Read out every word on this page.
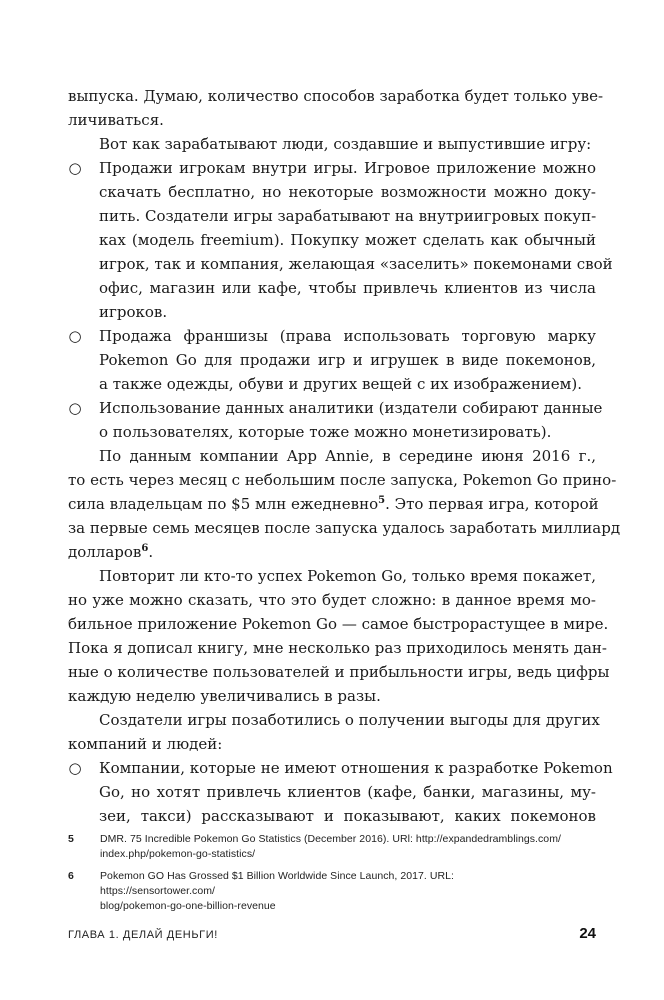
выпуска. Думаю, количество способов заработка будет только уве-
личиваться.
Вот как зарабатывают люди, создавшие и выпустившие игру:
○	Продажи игрокам внутри игры. Игровое приложение можно
скачать бесплатно, но некоторые возможности можно доку-
пить. Создатели игры зарабатывают на внутриигровых покуп-
ках (модель freemium). Покупку может сделать как обычный
игрок, так и компания, желающая «заселить» покемонами свой
офис, магазин или кафе, чтобы привлечь клиентов из числа
игроков.
○	Продажа франшизы (права использовать торговую марку
Pokemon Go для продажи игр и игрушек в виде покемонов,
а также одежды, обуви и других вещей с их изображением).
○	Использование данных аналитики (издатели собирают данные
о пользователях, которые тоже можно монетизировать).
По данным компании App Annie, в середине июня 2016 г.,
то есть через месяц с небольшим после запуска, Pokemon Go прино-
сила владельцам по $5 млн ежедневно$^5$. Это первая игра, которой
за первые семь месяцев после запуска удалось заработать миллиард
долларов$^6$.
Повторит ли кто-то успех Pokemon Go, только время покажет,
но уже можно сказать, что это будет сложно: в данное время мо-
бильное приложение Pokemon Go — самое быстрорастущее в мире.
Пока я дописал книгу, мне несколько раз приходилось менять дан-
ные о количестве пользователей и прибыльности игры, ведь цифры
каждую неделю увеличивались в разы.
Создатели игры позаботились о получении выгоды для других
компаний и людей:
○	Компании, которые не имеют отношения к разработке Pokemon
Go, но хотят привлечь клиентов (кафе, банки, магазины, му-
зеи, такси) рассказывают и показывают, каких покемонов
5 DMR. 75 Incredible Pokemon Go Statistics (December 2016). URl: http://expandedramblings.com/
index.php/pokemon-go-statistics/
6 Pokemon GO Has Grossed $1 Billion Worldwide Since Launch, 2017. URL: https://sensortower.com/
blog/pokemon-go-one-billion-revenue
ГЛАВА 1. ДЕЛАЙ ДЕНЬГИ!	24
